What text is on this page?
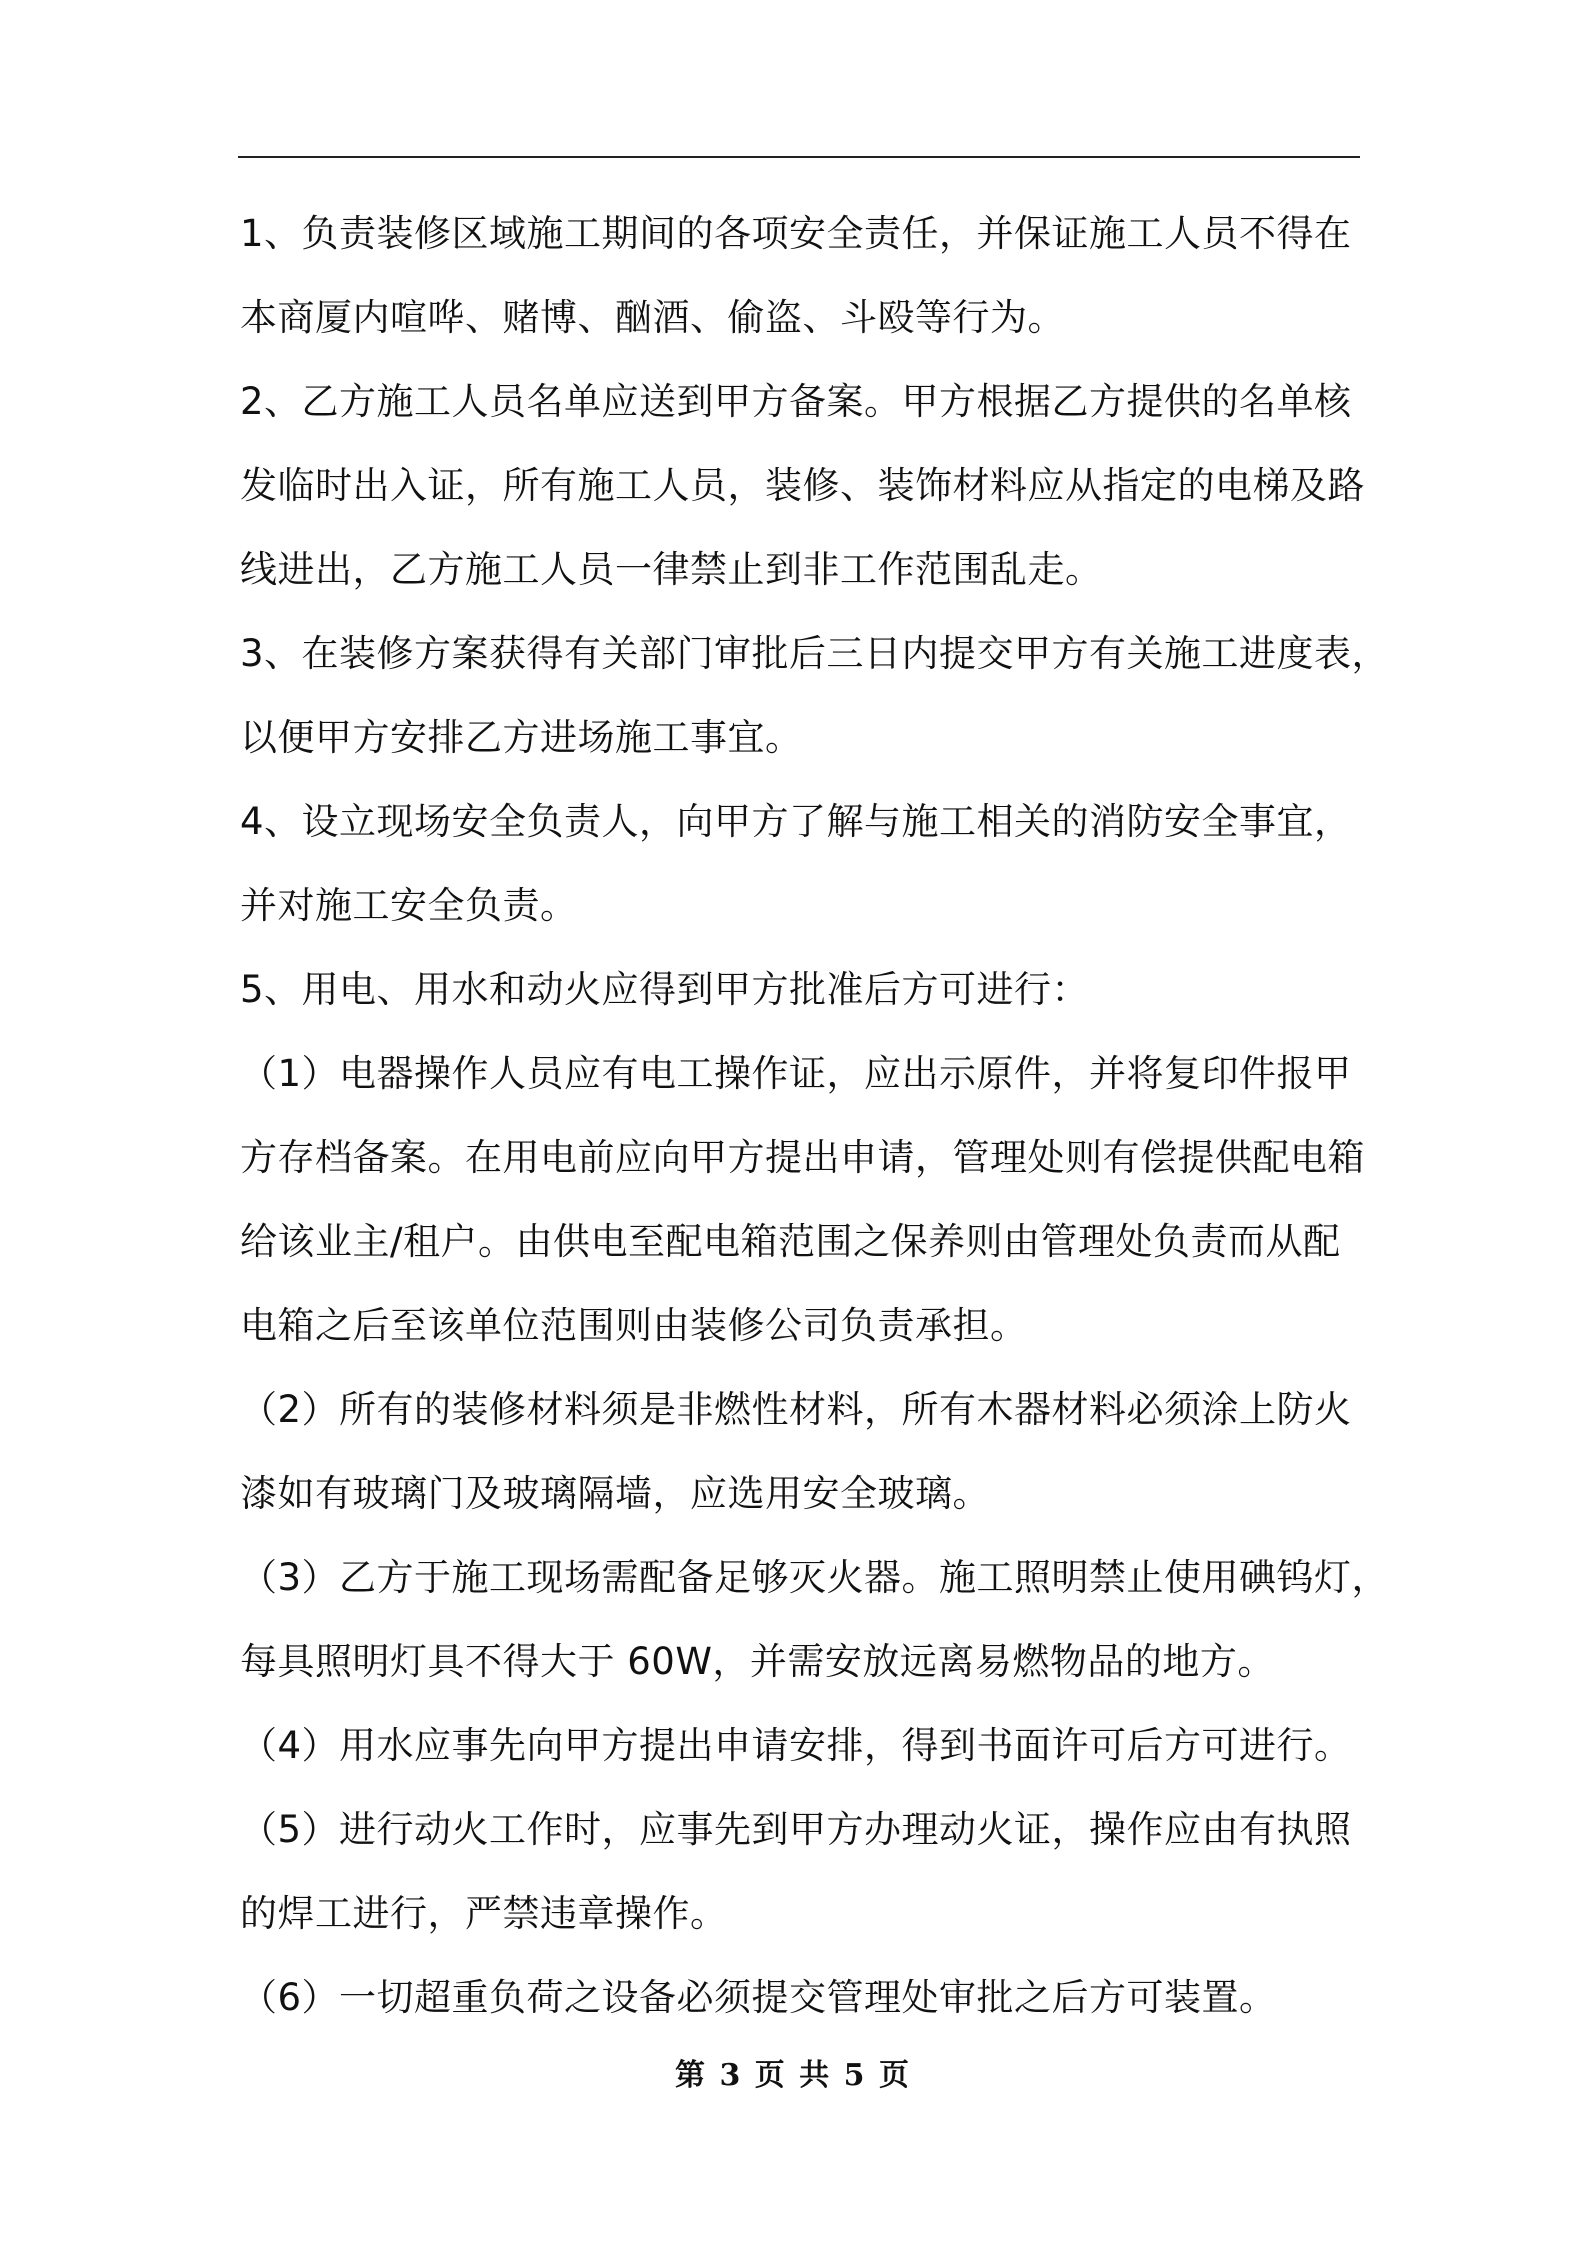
1、负责装修区域施工期间的各项安全责任，并保证施工人员不得在
本商厦内喧哗、赌博、酗酒、偷盗、斗殴等行为。
2、乙方施工人员名单应送到甲方备案。甲方根据乙方提供的名单核
发临时出入证，所有施工人员，装修、装饰材料应从指定的电梯及路
线进出，乙方施工人员一律禁止到非工作范围乱走。
3、在装修方案获得有关部门审批后三日内提交甲方有关施工进度表，
以便甲方安排乙方进场施工事宜。
4、设立现场安全负责人，向甲方了解与施工相关的消防安全事宜，
并对施工安全负责。
5、用电、用水和动火应得到甲方批准后方可进行：
（1）电器操作人员应有电工操作证，应出示原件，并将复印件报甲
方存档备案。在用电前应向甲方提出申请，管理处则有偿提供配电箱
给该业主/租户。由供电至配电箱范围之保养则由管理处负责而从配
电箱之后至该单位范围则由装修公司负责承担。
（2）所有的装修材料须是非燃性材料，所有木器材料必须涂上防火
漆如有玻璃门及玻璃隔墙，应选用安全玻璃。
（3）乙方于施工现场需配备足够灭火器。施工照明禁止使用碘钨灯，
每具照明灯具不得大于 60W，并需安放远离易燃物品的地方。
（4）用水应事先向甲方提出申请安排，得到书面许可后方可进行。
（5）进行动火工作时，应事先到甲方办理动火证，操作应由有执照
的焊工进行，严禁违章操作。
（6）一切超重负荷之设备必须提交管理处审批之后方可装置。
第 3 页 共 5 页
